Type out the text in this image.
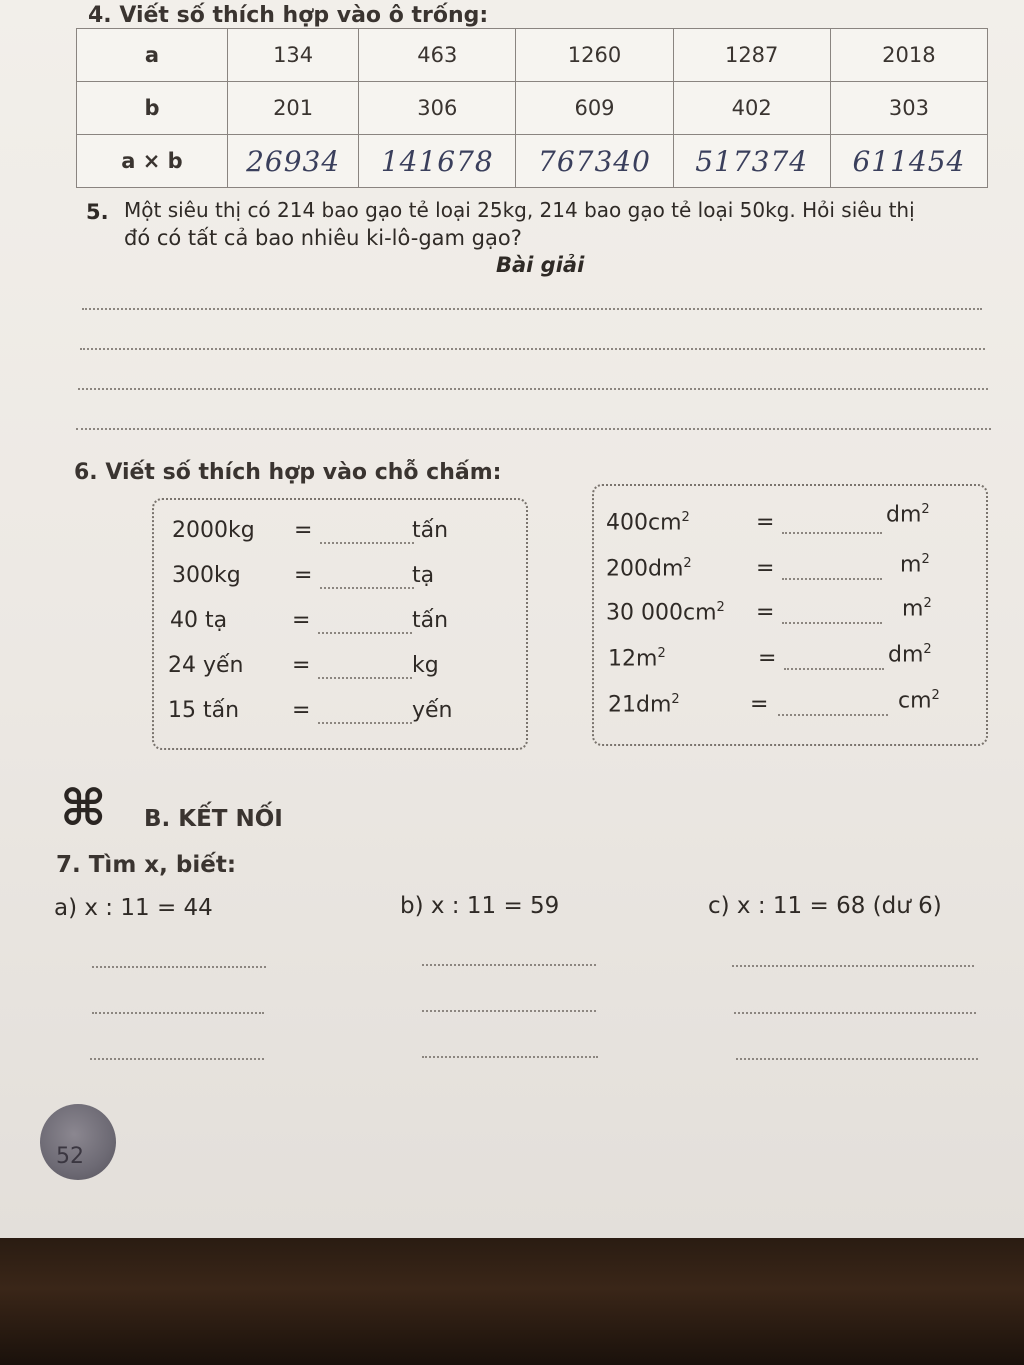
4. Viết số thích hợp vào ô trống:
a	134	463	1260	1287	2018
b	201	306	609	402	303
a × b	26934	141678	767340	517374	611454
5. Một siêu thị có 214 bao gạo tẻ loại 25kg, 214 bao gạo tẻ loại 50kg. Hỏi siêu thị
đó có tất cả bao nhiêu ki-lô-gam gạo?
Bài giải
6. Viết số thích hợp vào chỗ chấm:
2000kg =	tấn
300kg =	tạ
40 tạ	=	tấn
24 yến =	kg
15 tấn =	yến
$400cm^2$	=	$dm^2$
$200dm^2$	=	$m^2$
30 $000cm^2$ =	$m^2$
$12m^2$	=	$dm^2$
$21dm^2$	=	$cm^2$
⌘ B. KẾT NỐI
7. Tìm x, biết:
a) x : 11 = 44	b) x : 11 = 59	c) x : 11 = 68 (dư 6)
52
